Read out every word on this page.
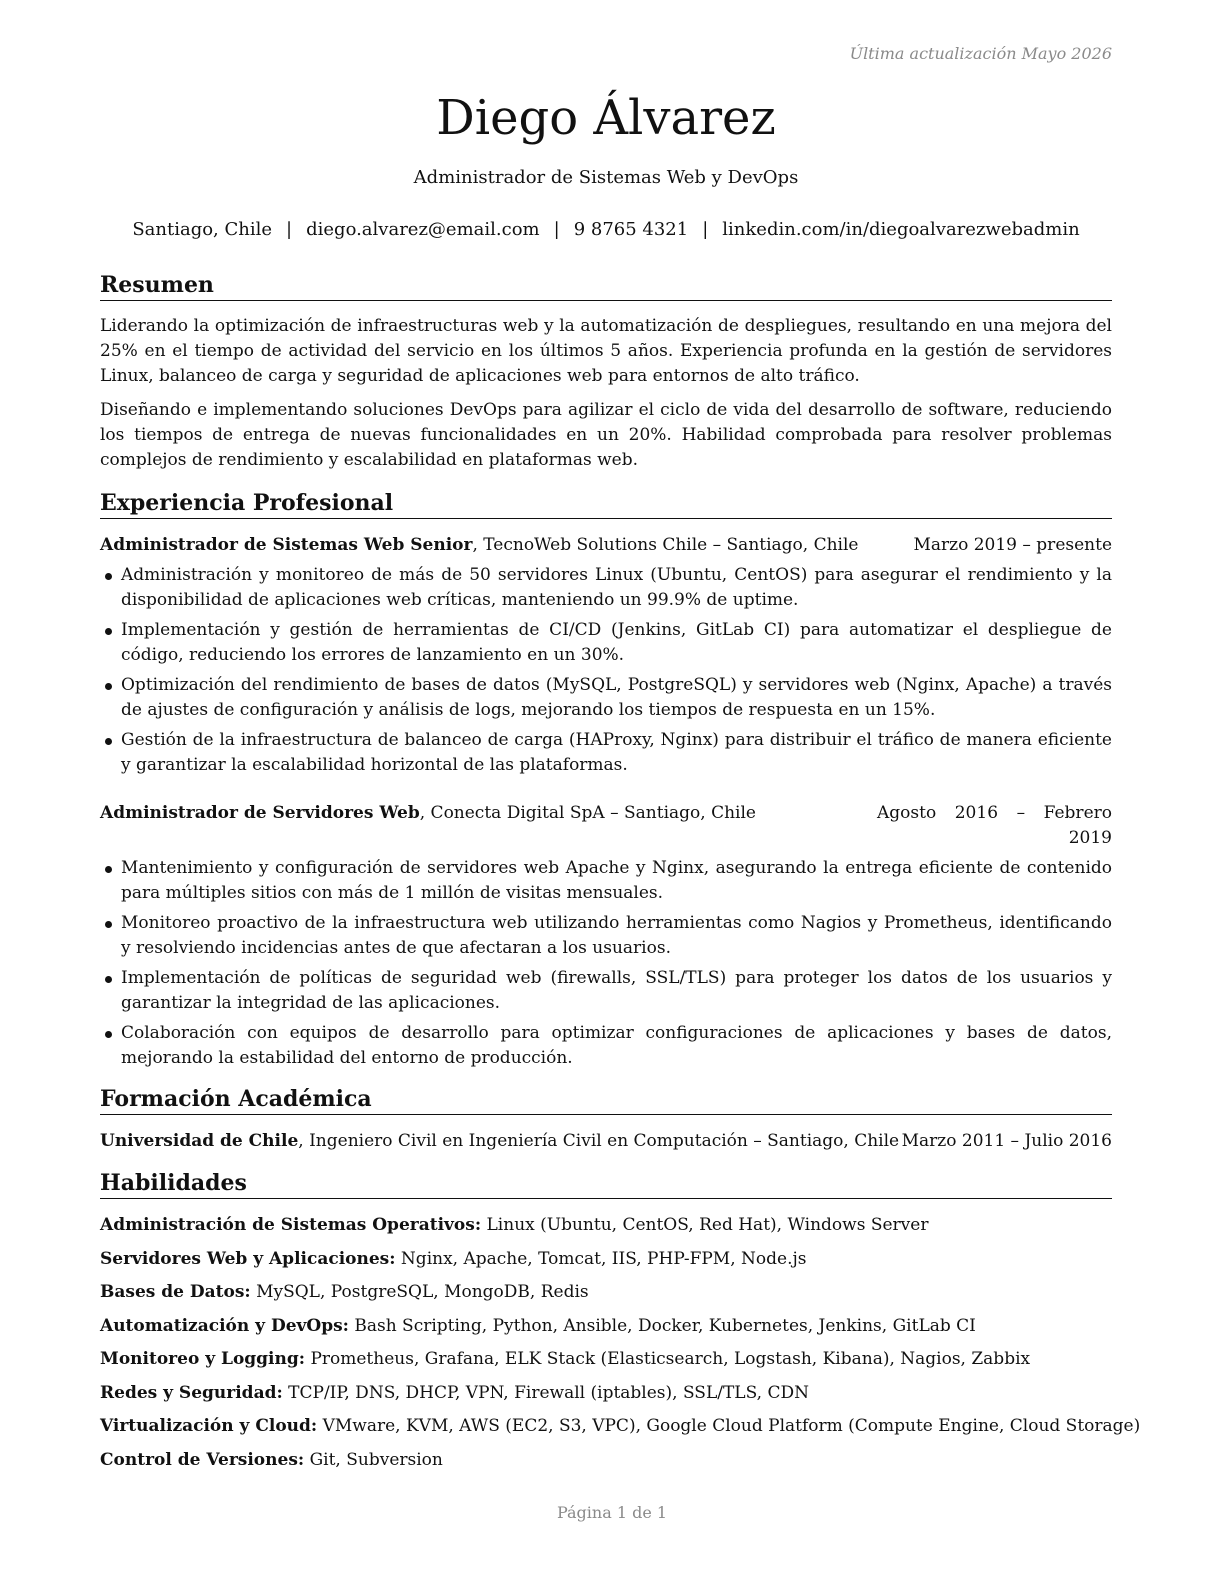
Última actualización Mayo 2026
Diego Álvarez
Administrador de Sistemas Web y DevOps
Santiago, Chile | diego.alvarez@email.com | 9 8765 4321 | linkedin.com/in/diegoalvarezwebadmin
Resumen

Liderando la optimización de infraestructuras web y la automatización de despliegues, resultando en una mejora del 25% en el tiempo de actividad del servicio en los últimos 5 años. Experiencia profunda en la gestión de servidores Linux, balanceo de carga y seguridad de aplicaciones web para entornos de alto tráfico.

Diseñando e implementando soluciones DevOps para agilizar el ciclo de vida del desarrollo de software, reduciendo los tiempos de entrega de nuevas funcionalidades en un 20%. Habilidad comprobada para resolver problemas complejos de rendimiento y escalabilidad en plataformas web.

Experiencia Profesional
Administrador de Sistemas Web Senior, TecnoWeb Solutions Chile – Santiago, Chile	Marzo 2019 – presente
Administración y monitoreo de más de 50 servidores Linux (Ubuntu, CentOS) para asegurar el rendimiento y la disponibilidad de aplicaciones web críticas, manteniendo un 99.9% de uptime.
Implementación y gestión de herramientas de CI/CD (Jenkins, GitLab CI) para automatizar el despliegue de código, reduciendo los errores de lanzamiento en un 30%.
Optimización del rendimiento de bases de datos (MySQL, PostgreSQL) y servidores web (Nginx, Apache) a través de ajustes de configuración y análisis de logs, mejorando los tiempos de respuesta en un 15%.
Gestión de la infraestructura de balanceo de carga (HAProxy, Nginx) para distribuir el tráfico de manera eficiente y garantizar la escalabilidad horizontal de las plataformas.
Administrador de Servidores Web, Conecta Digital SpA – Santiago, Chile	Agosto 2016 – Febrero
2019
Mantenimiento y configuración de servidores web Apache y Nginx, asegurando la entrega eficiente de contenido para múltiples sitios con más de 1 millón de visitas mensuales.
Monitoreo proactivo de la infraestructura web utilizando herramientas como Nagios y Prometheus, identificando y resolviendo incidencias antes de que afectaran a los usuarios.
Implementación de políticas de seguridad web (firewalls, SSL/TLS) para proteger los datos de los usuarios y garantizar la integridad de las aplicaciones.
Colaboración con equipos de desarrollo para optimizar configuraciones de aplicaciones y bases de datos, mejorando la estabilidad del entorno de producción.
Formación Académica
Universidad de Chile, Ingeniero Civil en Ingeniería Civil en Computación – Santiago, Chile Marzo 2011 – Julio 2016
Habilidades
Administración de Sistemas Operativos: Linux (Ubuntu, CentOS, Red Hat), Windows Server
Servidores Web y Aplicaciones: Nginx, Apache, Tomcat, IIS, PHP-FPM, Node.js
Bases de Datos: MySQL, PostgreSQL, MongoDB, Redis
Automatización y DevOps: Bash Scripting, Python, Ansible, Docker, Kubernetes, Jenkins, GitLab CI
Monitoreo y Logging: Prometheus, Grafana, ELK Stack (Elasticsearch, Logstash, Kibana), Nagios, Zabbix
Redes y Seguridad: TCP/IP, DNS, DHCP, VPN, Firewall (iptables), SSL/TLS, CDN
Virtualización y Cloud: VMware, KVM, AWS (EC2, S3, VPC), Google Cloud Platform (Compute Engine, Cloud Storage)
Control de Versiones: Git, Subversion
Página 1 de 1
